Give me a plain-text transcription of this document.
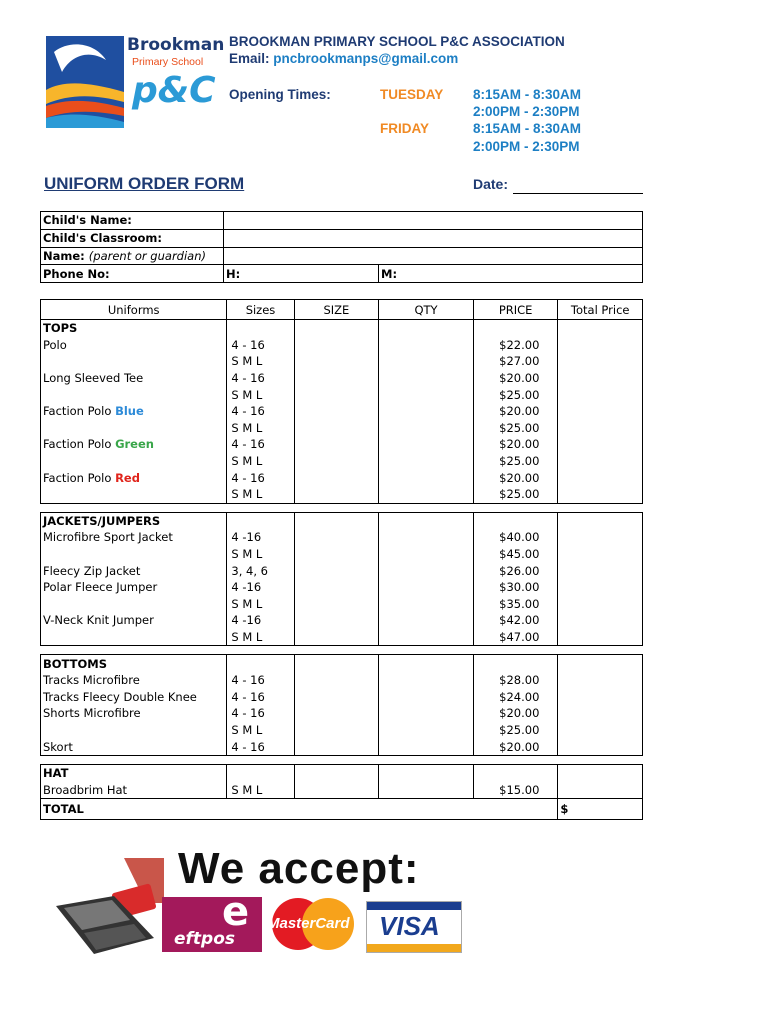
Brookman
Primary School
p&C
BROOKMAN PRIMARY SCHOOL P&C ASSOCIATION
Email: pncbrookmanps@gmail.com
Opening Times:	TUESDAY 8:15AM - 8:30AM
2:00PM - 2:30PM
FRIDAY	8:15AM - 8:30AM
2:00PM - 2:30PM
UNIFORM ORDER FORM	Date:
Child's Name:		
Child's Classroom:		
Name: (parent or guardian)		
Phone No:	H:	M:
Uniforms	Sizes	SIZE	QTY	PRICE	Total Price
TOPS					
Polo	4 - 16			$22.00	
	S M L			$27.00	
Long Sleeved Tee	4 - 16			$20.00	
	S M L			$25.00	
Faction Polo Blue	4 - 16			$20.00	
	S M L			$25.00	
Faction Polo Green	4 - 16			$20.00	
	S M L			$25.00	
Faction Polo Red	4 - 16			$20.00	
	S M L			$25.00	

JACKETS/JUMPERS					
Microfibre Sport Jacket	4 -16			$40.00	
	S M L			$45.00	
Fleecy Zip Jacket	3, 4, 6			$26.00	
Polar Fleece Jumper	4 -16			$30.00	
	S M L			$35.00	
V-Neck Knit Jumper	4 -16			$42.00	
	S M L			$47.00	

BOTTOMS					
Tracks Microfibre	4 - 16			$28.00	
Tracks Fleecy Double Knee	4 - 16			$24.00	
Shorts Microfibre	4 - 16			$20.00	
	S M L			$25.00	
Skort	4 - 16			$20.00	

HAT					
Broadbrim Hat	S M L			$15.00	
TOTAL					$
We accept:
e
eftpos
MasterCard VISA
